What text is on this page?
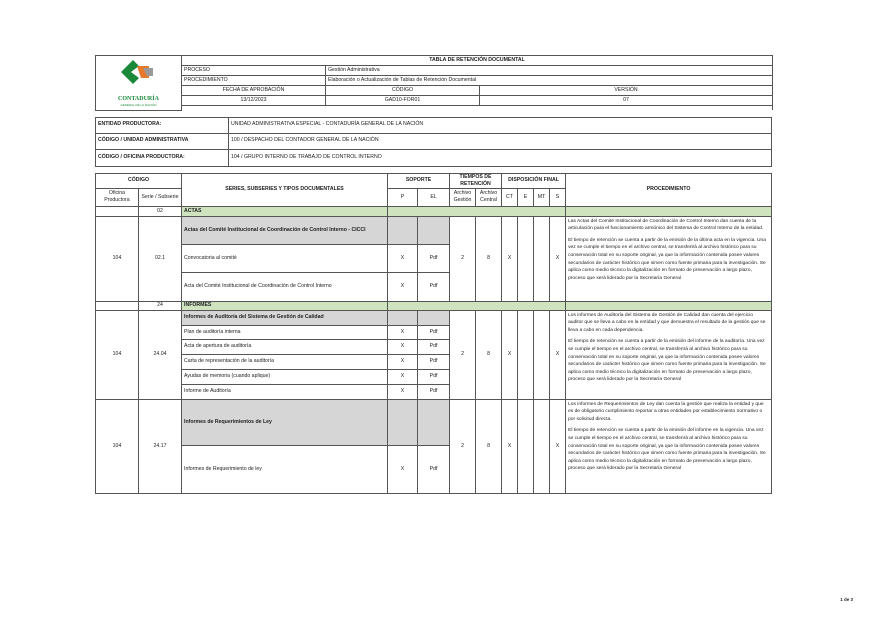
CONTADURÍA
GENERAL DE LA NACIÓN	TABLA DE RETENCIÓN DOCUMENTAL		
	PROCESO	Gestión Administrativa	
	PROCEDIMIENTO	Elaboración o Actualización de Tablas de Retención Documental	
	FECHA DE APROBACIÓN	CÓDIGO	VERSIÓN
	13/12/2023	GAD10-FOR01	07

ENTIDAD PRODUCTORA:	UNIDAD ADMINISTRATIVA ESPECIAL - CONTADURÍA GENERAL DE LA NACIÓN
CÓDIGO / UNIDAD ADMINISTRATIVA	100 / DESPACHO DEL CONTADOR GENERAL DE LA NACIÓN
CÓDIGO / OFICINA PRODUCTORA:	104 / GRUPO INTERNO DE TRABAJO DE CONTROL INTERNO
CÓDIGO		SERIES, SUBSERIES Y TIPOS DOCUMENTALES	SOPORTE		TIEMPOS DE RETENCIÓN		DISPOSICIÓN FINAL				PROCEDIMIENTO
Oficina Productora	Serie / Subserie		P	EL	Archivo Gestión	Archivo Central	CT	E	MT	S	
	02	ACTAS									
104	02.1	Actas del Comité Institucional de Coordinación de Control Interno - CICCI			2	8	X			X	Las Actas del Comité Institucional de Coordinación de Control Interno dan cuenta de la articulación para el funcionamiento armónico del Sistema de Control Interno de la entidad.

El tiempo de retención se cuenta a partir de la emisión de la última acta en la vigencia. Una vez se cumple el tiempo en el archivo central, se transferirá al archivo histórico para su conservación total en su soporte original, ya que la información contenida posee valores secundarios de carácter histórico que sirven como fuente primaria para la investigación. Se aplica como medio técnico la digitalización en formato de preservación a largo plazo, proceso que será liderado por la Secretaría General

		Convocatoria al comité	X	Pdf							
		Acta del Comité Institucional de Coordinación de Control Interno	X	Pdf							
	24	INFORMES									
104	24.04	Informes de Auditoría del Sistema de Gestión de Calidad			2	8	X			X	Los informes de Auditoría del Sistema de Gestión de Calidad dan cuenta del ejercicio auditor que se lleva a cabo en la entidad y que demuestra el resultado de la gestión que se lleva a cabo en cada dependencia.

El tiempo de retención se cuenta a partir de la emisión del informe de la auditoría. Una vez se cumple el tiempo en el archivo central, se transferirá al archivo histórico para su conservación total en su soporte original, ya que la información contenida posee valores secundarios de carácter histórico que sirven como fuente primaria para la investigación. Se aplica como medio técnico la digitalización en formato de preservación a largo plazo, proceso que será liderado por la Secretaría General

		Plan de auditoría interna	X	Pdf							
		Acta de apertura de auditoría	X	Pdf							
		Carta de representación de la auditoría	X	Pdf							
		Ayudas de memoria (cuando aplique)	X	Pdf							
		Informe de Auditoría	X	Pdf							
104	24.17	Informes de Requerimientos de Ley			2	8	X			X	Los informes de Requerimientos de Ley dan cuenta la gestión que realiza la entidad y que es de obligatorio cumplimiento reportar a otras entidades por establecimiento normativo o por solicitud directa.

El tiempo de retención se cuenta a partir de la emisión del informe en la vigencia. Una vez se cumple el tiempo en el archivo central, se transferirá al archivo histórico para su conservación total en su soporte original, ya que la información contenida posee valores secundarios de carácter histórico que sirven como fuente primaria para la investigación. Se aplica como medio técnico la digitalización en formato de preservación a largo plazo, proceso que será liderado por la Secretaría General

		Informes de Requerimiento de ley	X	Pdf							
1 de 3
